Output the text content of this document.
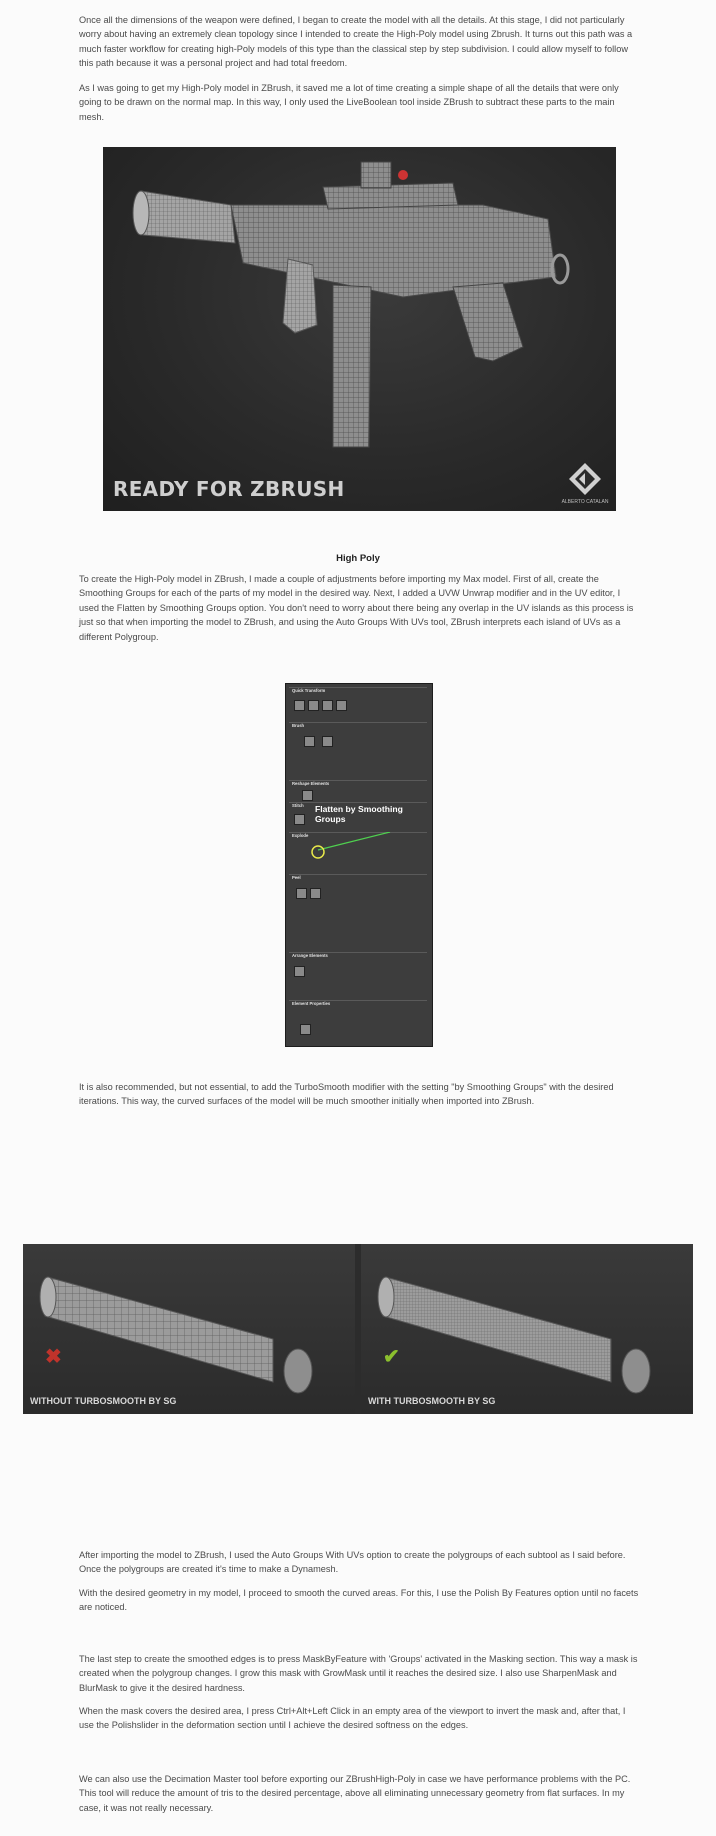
Once all the dimensions of the weapon were defined, I began to create the model with all the details. At this stage, I did not particularly worry about having an extremely clean topology since I intended to create the High-Poly model using Zbrush. It turns out this path was a much faster workflow for creating high-Poly models of this type than the classical step by step subdivision. I could allow myself to follow this path because it was a personal project and had total freedom.

As I was going to get my High-Poly model in ZBrush, it saved me a lot of time creating a simple shape of all the details that were only going to be drawn on the normal map. In this way, I only used the LiveBoolean tool inside ZBrush to subtract these parts to the main mesh.

READY FOR ZBRUSH
ALBERTO CATALAN

High Poly

To create the High-Poly model in ZBrush, I made a couple of adjustments before importing my Max model. First of all, create the Smoothing Groups for each of the parts of my model in the desired way. Next, I added a UVW Unwrap modifier and in the UV editor, I used the Flatten by Smoothing Groups option. You don't need to worry about there being any overlap in the UV islands as this process is just so that when importing the model to ZBrush, and using the Auto Groups With UVs tool, ZBrush interprets each island of UVs as a different Polygroup.

Quick Transform
Brush
Reshape Elements
Stitch Flatten by Smoothing Groups
Explode
Peel
Arrange Elements
Element Properties

It is also recommended, but not essential, to add the TurboSmooth modifier with the setting "by Smoothing Groups" with the desired iterations. This way, the curved surfaces of the model will be much smoother initially when imported into ZBrush.

✖
WITHOUT TURBOSMOOTH BY SG
✔
WITH TURBOSMOOTH BY SG

After importing the model to ZBrush, I used the Auto Groups With UVs option to create the polygroups of each subtool as I said before. Once the polygroups are created it's time to make a Dynamesh.

With the desired geometry in my model, I proceed to smooth the curved areas. For this, I use the Polish By Features option until no facets are noticed.

The last step to create the smoothed edges is to press MaskByFeature with 'Groups' activated in the Masking section. This way a mask is created when the polygroup changes. I grow this mask with GrowMask until it reaches the desired size. I also use SharpenMask and BlurMask to give it the desired hardness.

When the mask covers the desired area, I press Ctrl+Alt+Left Click in an empty area of the viewport to invert the mask and, after that, I use the Polishslider in the deformation section until I achieve the desired softness on the edges.

We can also use the Decimation Master tool before exporting our ZBrushHigh-Poly in case we have performance problems with the PC. This tool will reduce the amount of tris to the desired percentage, above all eliminating unnecessary geometry from flat surfaces. In my case, it was not really necessary.
